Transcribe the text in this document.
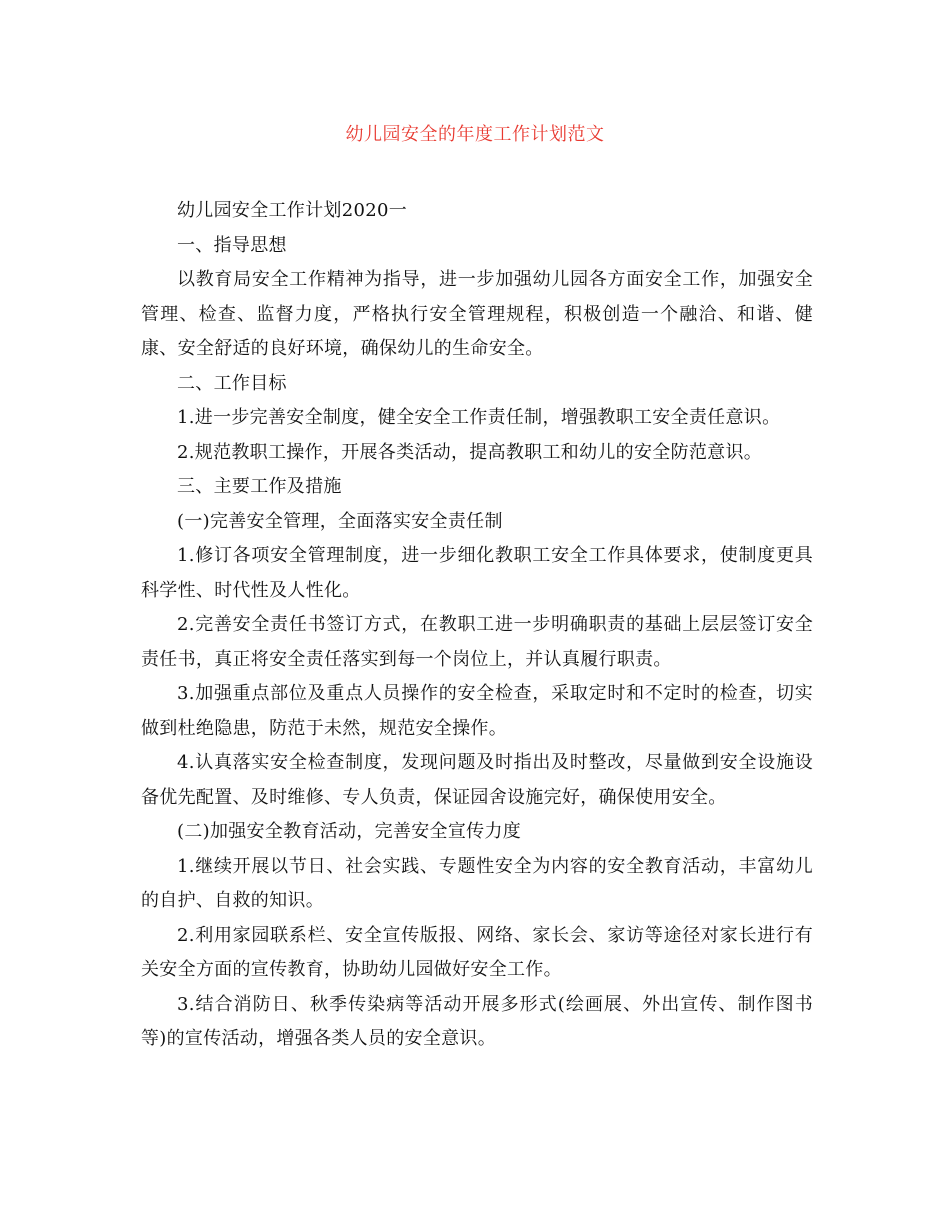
幼儿园安全的年度工作计划范文

幼儿园安全工作计划2020一

一、指导思想

以教育局安全工作精神为指导，进一步加强幼儿园各方面安全工作，加强安全管理、检查、监督力度，严格执行安全管理规程，积极创造一个融洽、和谐、健康、安全舒适的良好环境，确保幼儿的生命安全。

二、工作目标

1.进一步完善安全制度，健全安全工作责任制，增强教职工安全责任意识。

2.规范教职工操作，开展各类活动，提高教职工和幼儿的安全防范意识。

三、主要工作及措施

(一)完善安全管理，全面落实安全责任制

1.修订各项安全管理制度，进一步细化教职工安全工作具体要求，使制度更具科学性、时代性及人性化。

2.完善安全责任书签订方式，在教职工进一步明确职责的基础上层层签订安全责任书，真正将安全责任落实到每一个岗位上，并认真履行职责。

3.加强重点部位及重点人员操作的安全检查，采取定时和不定时的检查，切实做到杜绝隐患，防范于未然，规范安全操作。

4.认真落实安全检查制度，发现问题及时指出及时整改，尽量做到安全设施设备优先配置、及时维修、专人负责，保证园舍设施完好，确保使用安全。

(二)加强安全教育活动，完善安全宣传力度

1.继续开展以节日、社会实践、专题性安全为内容的安全教育活动，丰富幼儿的自护、自救的知识。

2.利用家园联系栏、安全宣传版报、网络、家长会、家访等途径对家长进行有关安全方面的宣传教育，协助幼儿园做好安全工作。

3.结合消防日、秋季传染病等活动开展多形式(绘画展、外出宣传、制作图书等)的宣传活动，增强各类人员的安全意识。
